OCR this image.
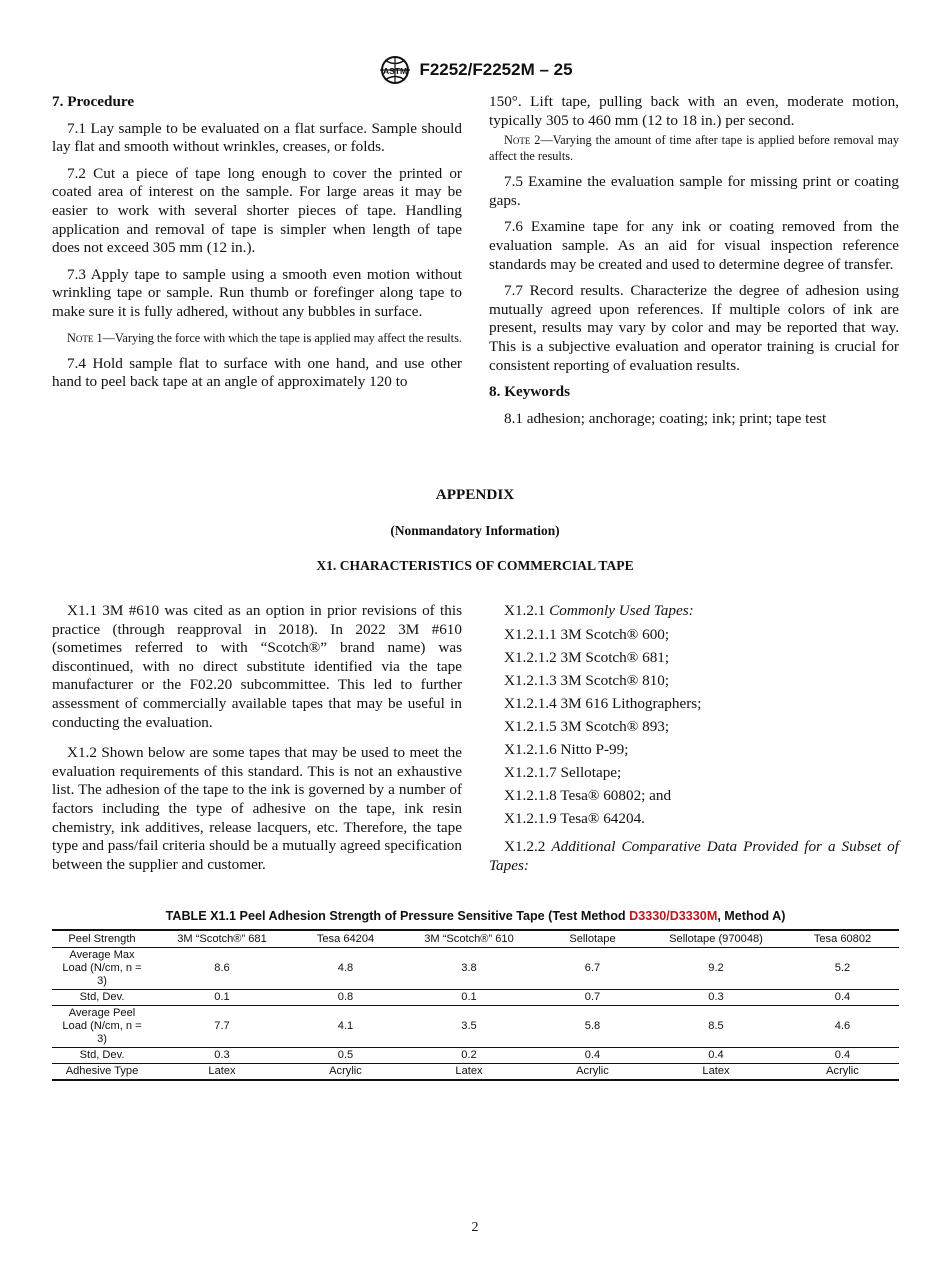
ASTM F2252/F2252M – 25
7. Procedure

7.1 Lay sample to be evaluated on a flat surface. Sample should lay flat and smooth without wrinkles, creases, or folds.

7.2 Cut a piece of tape long enough to cover the printed or coated area of interest on the sample. For large areas it may be easier to work with several shorter pieces of tape. Handling application and removal of tape is simpler when length of tape does not exceed 305 mm (12 in.).

7.3 Apply tape to sample using a smooth even motion without wrinkling tape or sample. Run thumb or forefinger along tape to make sure it is fully adhered, without any bubbles in surface.

Note 1—Varying the force with which the tape is applied may affect the results.

7.4 Hold sample flat to surface with one hand, and use other hand to peel back tape at an angle of approximately 120 to

150°. Lift tape, pulling back with an even, moderate motion, typically 305 to 460 mm (12 to 18 in.) per second.

Note 2—Varying the amount of time after tape is applied before removal may affect the results.

7.5 Examine the evaluation sample for missing print or coating gaps.

7.6 Examine tape for any ink or coating removed from the evaluation sample. As an aid for visual inspection reference standards may be created and used to determine degree of transfer.

7.7 Record results. Characterize the degree of adhesion using mutually agreed upon references. If multiple colors of ink are present, results may vary by color and may be reported that way. This is a subjective evaluation and operator training is crucial for consistent reporting of evaluation results.

8. Keywords

8.1 adhesion; anchorage; coating; ink; print; tape test

APPENDIX
(Nonmandatory Information)
X1. CHARACTERISTICS OF COMMERCIAL TAPE

X1.1 3M #610 was cited as an option in prior revisions of this practice (through reapproval in 2018). In 2022 3M #610 (sometimes referred to with “Scotch®” brand name) was discontinued, with no direct substitute identified via the tape manufacturer or the F02.20 subcommittee. This led to further assessment of commercially available tapes that may be useful in conducting the evaluation.

X1.2 Shown below are some tapes that may be used to meet the evaluation requirements of this standard. This is not an exhaustive list. The adhesion of the tape to the ink is governed by a number of factors including the type of adhesive on the tape, ink resin chemistry, ink additives, release lacquers, etc. Therefore, the tape type and pass/fail criteria should be a mutually agreed specification between the supplier and customer.

X1.2.1 Commonly Used Tapes:
X1.2.1.1 3M Scotch® 600;
X1.2.1.2 3M Scotch® 681;
X1.2.1.3 3M Scotch® 810;
X1.2.1.4 3M 616 Lithographers;
X1.2.1.5 3M Scotch® 893;
X1.2.1.6 Nitto P-99;
X1.2.1.7 Sellotape;
X1.2.1.8 Tesa® 60802; and
X1.2.1.9 Tesa® 64204.

X1.2.2 Additional Comparative Data Provided for a Subset of Tapes:

TABLE X1.1 Peel Adhesion Strength of Pressure Sensitive Tape (Test Method D3330/D3330M, Method A)
Peel Strength	3M “Scotch®” 681	Tesa 64204	3M “Scotch®” 610	Sellotape	Sellotape (970048)	Tesa 60802
Average Max Load (N/cm, n = 3)	8.6	4.8	3.8	6.7	9.2	5.2
Std, Dev.	0.1	0.8	0.1	0.7	0.3	0.4
Average Peel Load (N/cm, n = 3)	7.7	4.1	3.5	5.8	8.5	4.6
Std, Dev.	0.3	0.5	0.2	0.4	0.4	0.4
Adhesive Type	Latex	Acrylic	Latex	Acrylic	Latex	Acrylic
2
